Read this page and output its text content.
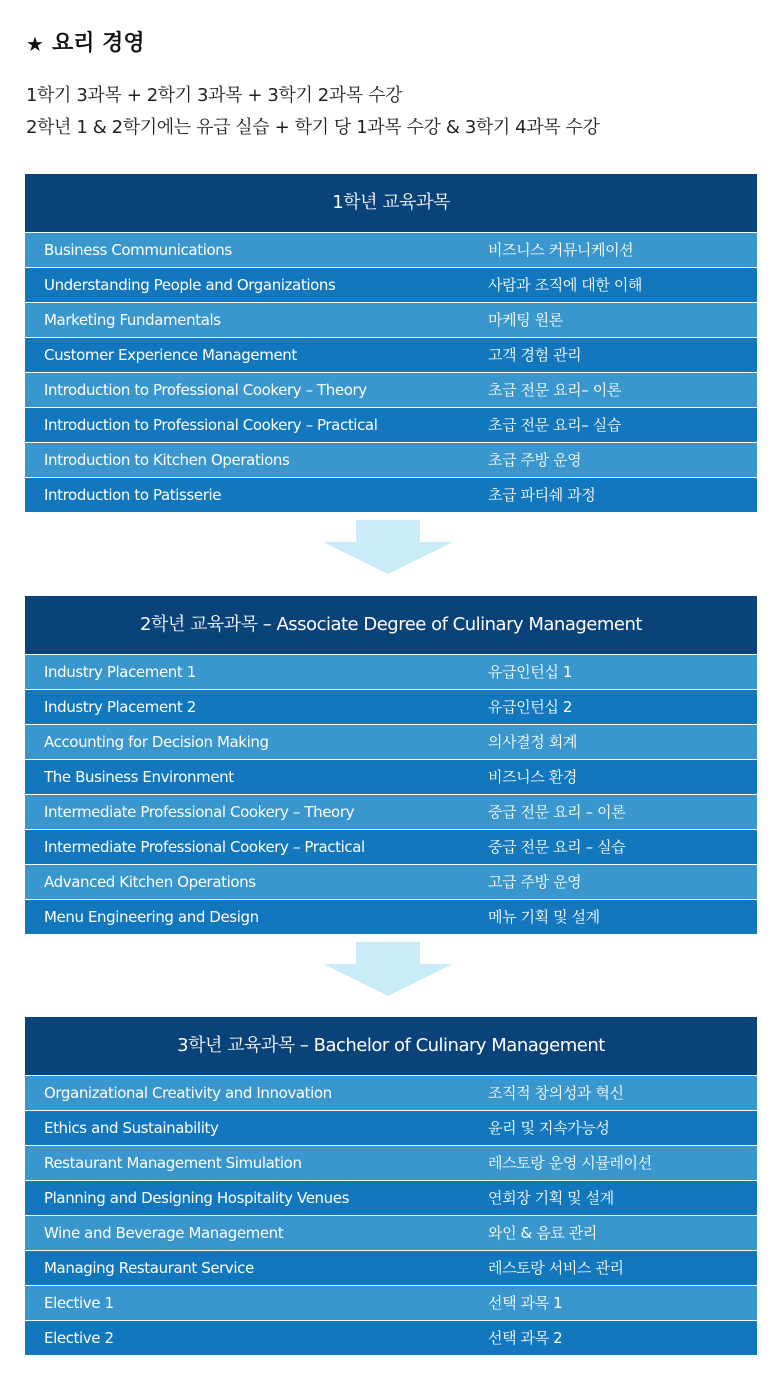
★ 요리 경영

1학기 3과목 + 2학기 3과목 + 3학기 2과목 수강

2학년 1 & 2학기에는 유급 실습 + 학기 당 1과목 수강 & 3학기 4과목 수강

1학년 교육과목
Business Communications	비즈니스 커뮤니케이션
Understanding People and Organizations	사람과 조직에 대한 이해
Marketing Fundamentals	마케팅 원론
Customer Experience Management	고객 경험 관리
Introduction to Professional Cookery – Theory	초급 전문 요리– 이론
Introduction to Professional Cookery – Practical	초급 전문 요리– 실습
Introduction to Kitchen Operations	초급 주방 운영
Introduction to Patisserie	초급 파티쉐 과정
2학년 교육과목 – Associate Degree of Culinary Management
Industry Placement 1	유급인턴십 1
Industry Placement 2	유급인턴십 2
Accounting for Decision Making	의사결정 회계
The Business Environment	비즈니스 환경
Intermediate Professional Cookery – Theory	중급 전문 요리 – 이론
Intermediate Professional Cookery – Practical	중급 전문 요리 – 실습
Advanced Kitchen Operations	고급 주방 운영
Menu Engineering and Design	메뉴 기획 및 설계
3학년 교육과목 – Bachelor of Culinary Management
Organizational Creativity and Innovation	조직적 창의성과 혁신
Ethics and Sustainability	윤리 및 지속가능성
Restaurant Management Simulation	레스토랑 운영 시뮬레이션
Planning and Designing Hospitality Venues	연회장 기획 및 설계
Wine and Beverage Management	와인 & 음료 관리
Managing Restaurant Service	레스토랑 서비스 관리
Elective 1	선택 과목 1
Elective 2	선택 과목 2
